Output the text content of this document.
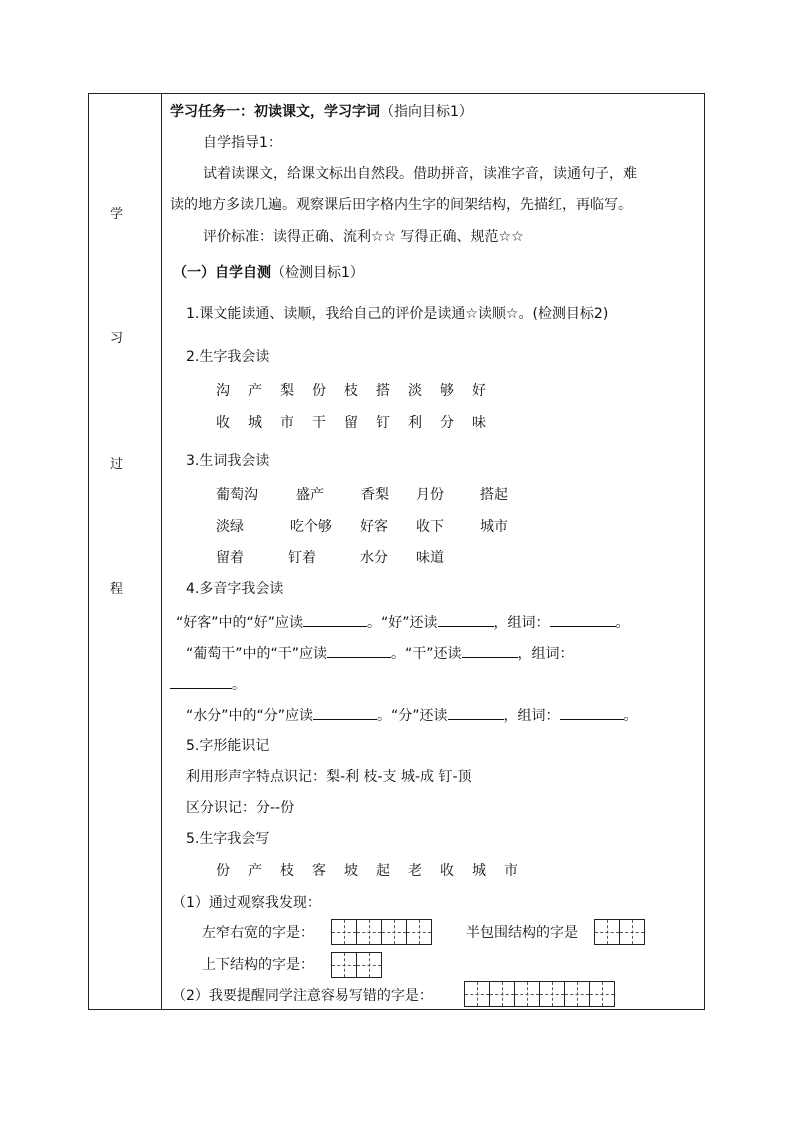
学
习
过
程
学习任务一：初读课文，学习字词（指向目标1）
自学指导1：
试着读课文，给课文标出自然段。借助拼音，读准字音，读通句子，难
读的地方多读几遍。观察课后田字格内生字的间架结构，先描红，再临写。
评价标准：读得正确、流利☆☆ 写得正确、规范☆☆
（一）自学自测（检测目标1）
1.课文能读通、读顺，我给自己的评价是读通☆读顺☆。(检测目标2)
2.生字我会读
沟 产 梨 份 枝 搭 淡 够 好
收 城 市 干 留 钉 利 分 味
3.生词我会读
葡萄沟	盛产	香梨 月份	搭起
淡绿	吃个够 好客 收下	城市
留着	钉着	水分 味道
4.多音字我会读
“好客”中的“好”应读	。“好”还读	，组词：	。
“葡萄干”中的“干”应读	。“干”还读	，组词：
。
“水分”中的“分”应读	。“分”还读	，组词：	。
5.字形能识记
利用形声字特点识记：梨-利 枝-支 城-成 钉-顶
区分识记：分--份
5.生字我会写
份 产 枝 客 坡 起 老 收 城 市
（1）通过观察我发现：
左窄右宽的字是：	半包围结构的字是
上下结构的字是：
（2）我要提醒同学注意容易写错的字是：
